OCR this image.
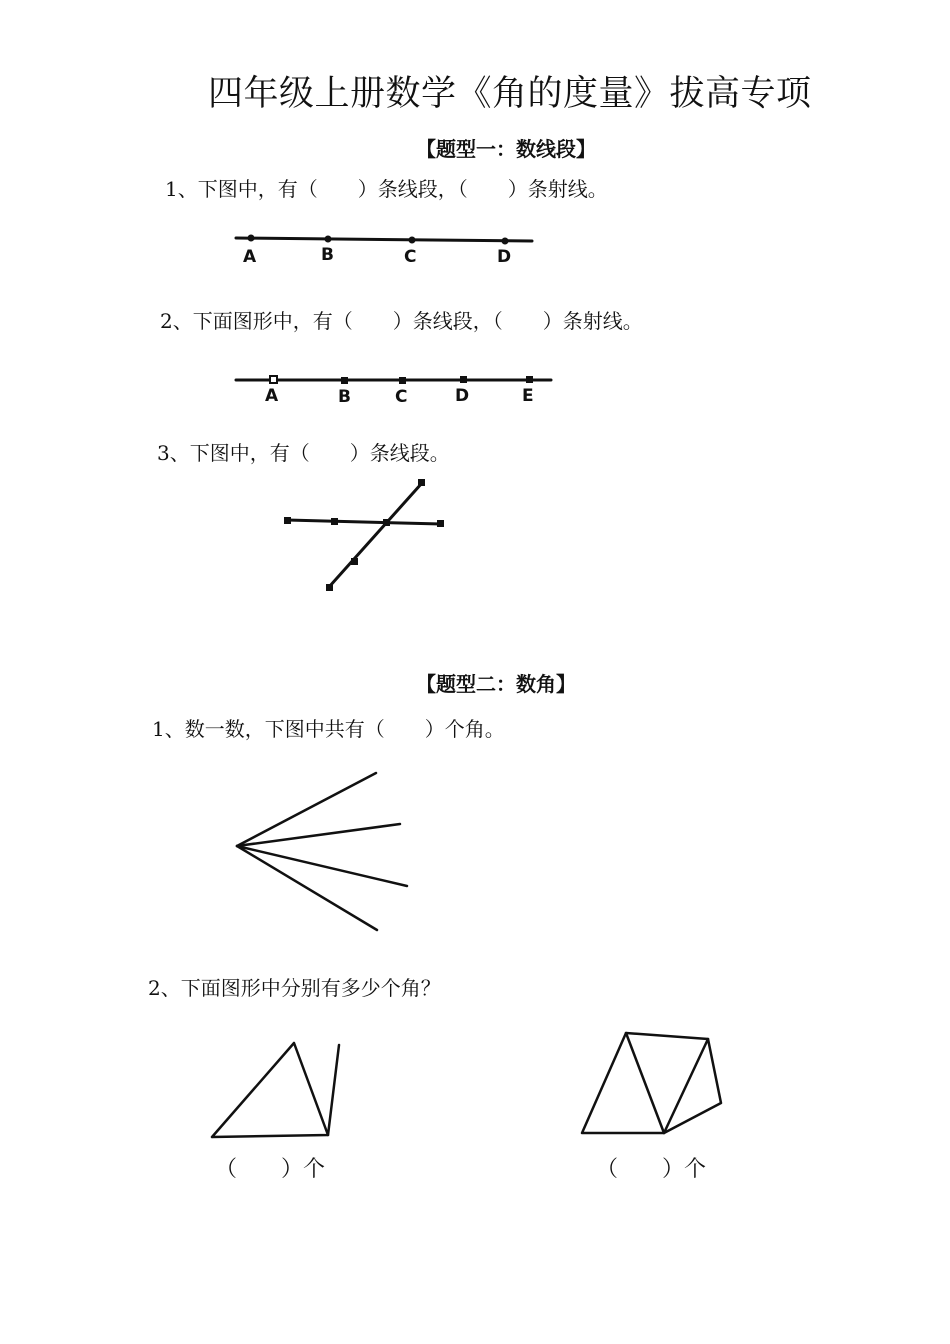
四年级上册数学《角的度量》拔高专项
【题型一：数线段】
1、下图中，有（　　）条线段，（　　）条射线。
2、下面图形中，有（　　）条线段，（　　）条射线。
3、下图中，有（　　）条线段。
【题型二：数角】
1、数一数，下图中共有（　　）个角。
2、下面图形中分别有多少个角？
（　　）个	（　　）个
A	B	C	D
A	B	C	D	E
